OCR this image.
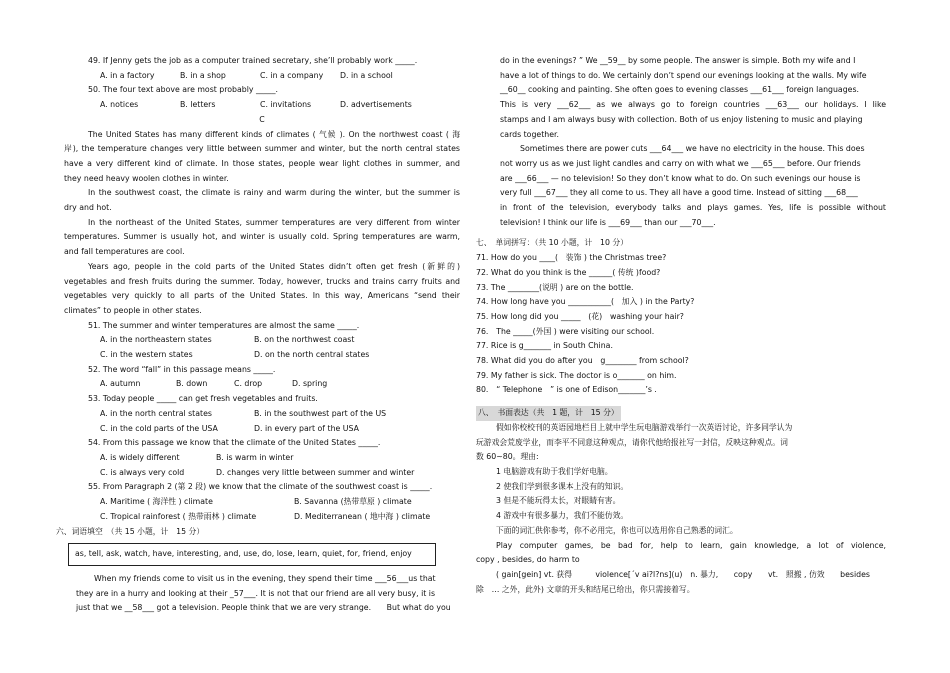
49. If Jenny gets the job as a computer trained secretary, she’ll probably work _____.
A. in a factory	B. in a shop	C. in a company	D. in a school
50. The four text above are most probably _____.
A. notices	B. letters	C. invitations	D. advertisements
C
The United States has many different kinds of climates ( 气候 ). On the northwest coast ( 海
岸), the temperature changes very little between summer and winter, but the north central states
have a very different kind of climate. In those states, people wear light clothes in summer, and
they need heavy woolen clothes in winter.
In the southwest coast, the climate is rainy and warm during the winter, but the summer is
dry and hot.
In the northeast of the United States, summer temperatures are very different from winter
temperatures. Summer is usually hot, and winter is usually cold. Spring temperatures are warm,
and fall temperatures are cool.
Years ago, people in the cold parts of the United States didn’t often get fresh (新鲜的)
vegetables and fresh fruits during the summer. Today, however, trucks and trains carry fruits and
vegetables very quickly to all parts of the United States. In this way, Americans “send their
climates” to people in other states.
51. The summer and winter temperatures are almost the same _____.
A. in the northeastern states	B. on the northwest coast
C. in the western states	D. on the north central states
52. The word “fall” in this passage means _____.
A. autumn	B. down	C. drop	D. spring
53. Today people _____ can get fresh vegetables and fruits.
A. in the north central states	B. in the southwest part of the US
C. in the cold parts of the USA	D. in every part of the USA
54. From this passage we know that the climate of the United States _____.
A. is widely different	B. is warm in winter
C. is always very cold	D. changes very little between summer and winter
55. From Paragraph 2 (第 2 段) we know that the climate of the southwest coast is _____.
A. Maritime ( 海洋性 ) climate	B. Savanna (热带草原 ) climate
C. Tropical rainforest ( 热带雨林 ) climate	D. Mediterranean ( 地中海 ) climate
六、词语填空　（共 15 小题，计　15 分）
as, tell, ask, watch, have, interesting, and, use, do, lose, learn, quiet, for, friend, enjoy
When my friends come to visit us in the evening, they spend their time ___56___us that
they are in a hurry and looking at their _57___. It is not that our friend are all very busy, it is
just that we __58___ got a television. People think that we are very strange.　　But what do you
do in the evenings? ” We __59__ by some people. The answer is simple. Both my wife and I
have a lot of things to do. We certainly don’t spend our evenings looking at the walls. My wife
__60__ cooking and painting. She often goes to evening classes ___61___ foreign languages.
This is very ___62___ as we always go to foreign countries ___63___ our holidays. I like
stamps and I am always busy with collection. Both of us enjoy listening to music and playing
cards together.
Sometimes there are power cuts ___64___ we have no electricity in the house. This does
not worry us as we just light candles and carry on with what we ___65___ before. Our friends
are ___66___ — no television! So they don’t know what to do. On such evenings our house is
very full ___67___ they all come to us. They all have a good time. Instead of sitting ___68___
in front of the television, everybody talks and plays games. Yes, life is possible without
television! I think our life is ___69___ than our ___70___.
七、　单词拼写：（共 10 小题，计　10 分）
71. How do you ____(　装饰 ) the Christmas tree?
72. What do you think is the ______( 传统 )food?
73. The ________(说明 ) are on the bottle.
74. How long have you ___________(　加入 ) in the Party?
75. How long did you _____　(花)　washing your hair?
76.　The _____(外国 ) were visiting our school.
77. Rice is g_______ in South China.
78. What did you do after you　g________ from school?
79. My father is sick. The doctor is o_______ on him.
80.　“ Telephone　” is one of Edison_______’s .
八、　书面表达（共　1 题，计　15 分）
假如你校校刊的英语园地栏目上就中学生玩电脑游戏举行一次英语讨论，许多同学认为
玩游戏会荒废学业，而李平不同意这种观点，请你代他给报社写一封信，反映这种观点。词
数 60~80。理由:
1 电脑游戏有助于我们学好电脑。
2 使我们学到很多课本上没有的知识。
3 但是不能玩得太长，对眼睛有害。
4 游戏中有很多暴力，我们不能仿效。
下面的词汇供你参考，你不必用完，你也可以选用你自己熟悉的词汇。
Play computer games, be bad for, help to learn, gain knowledge, a lot of violence,
copy , besides, do harm to
( gain[gein] vt. 获得　　　violence[ˊv ai?l?ns](u)　n. 暴力,　　copy　　vt.　照搬 , 仿效　　besides
除　… 之外，此外) 文章的开头和结尾已给出，你只需接着写。
